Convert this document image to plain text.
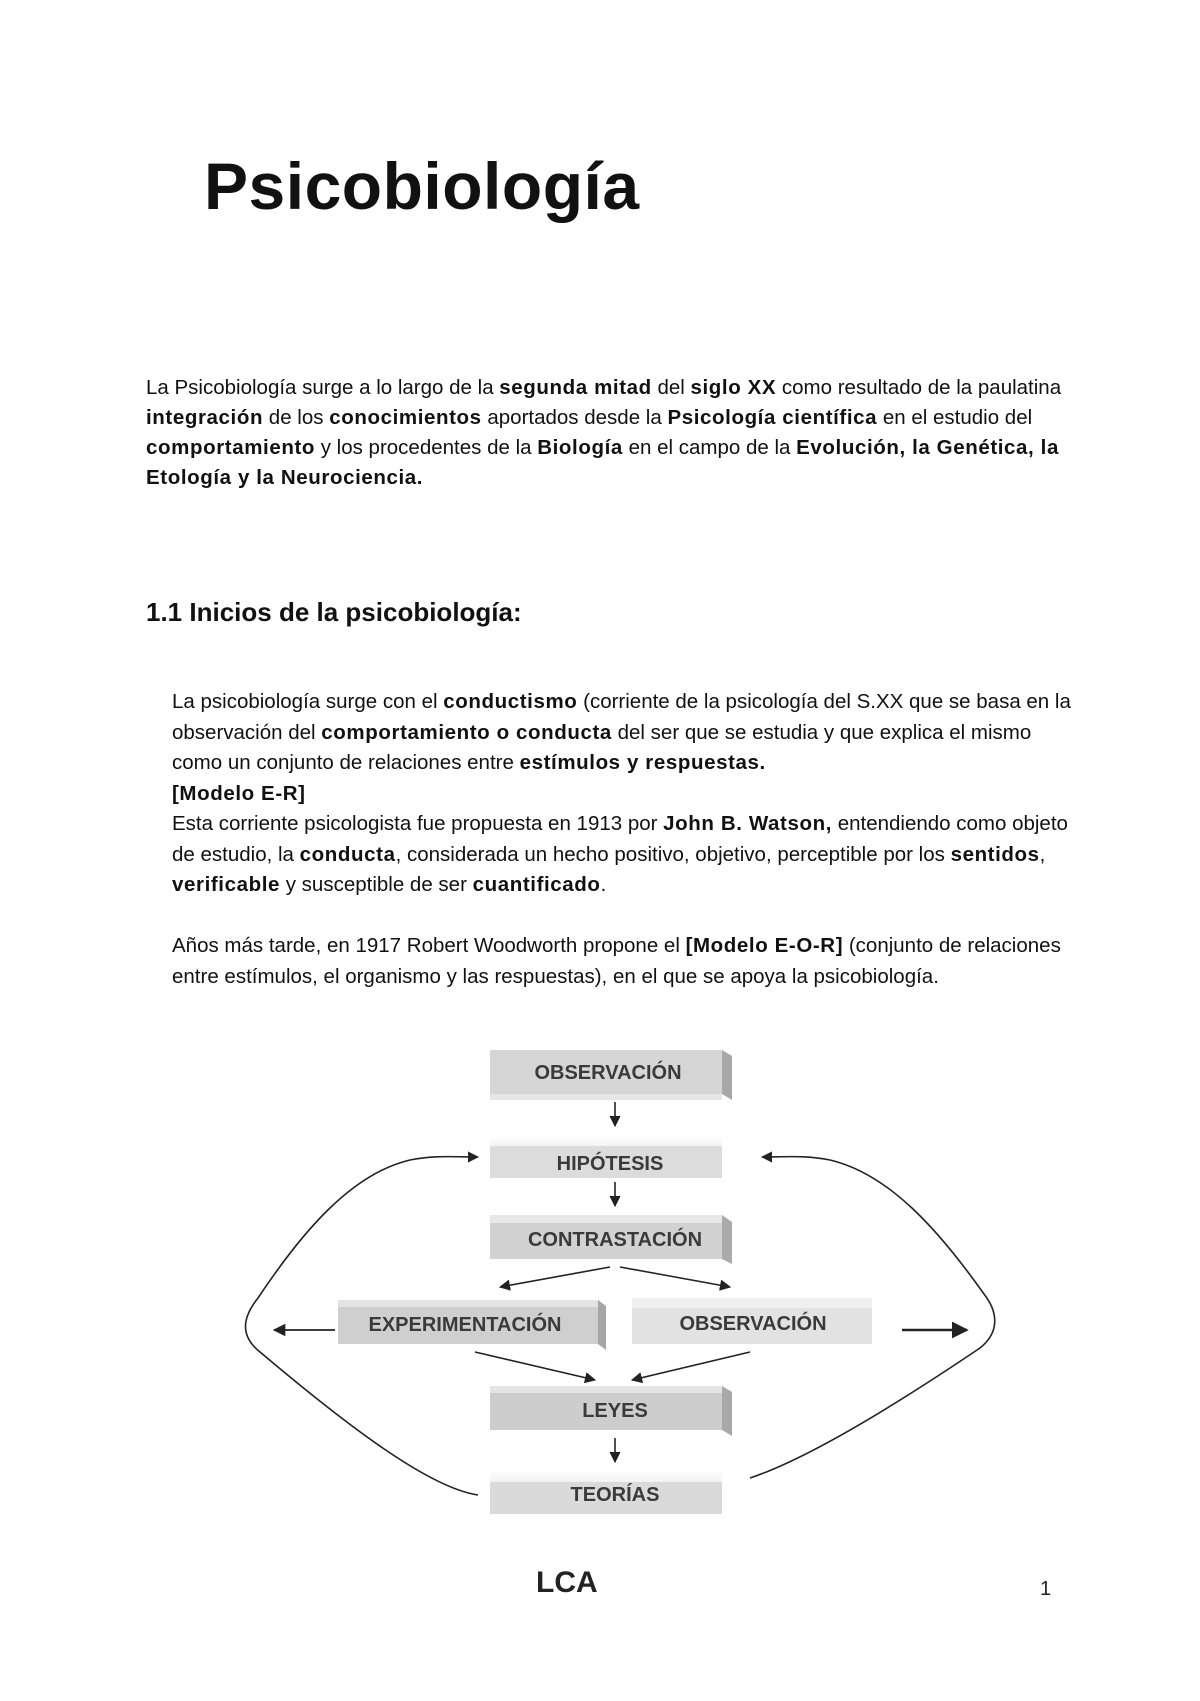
Psicobiología

La Psicobiología surge a lo largo de la segunda mitad del siglo XX como resultado de la paulatina integración de los conocimientos aportados desde la Psicología científica en el estudio del comportamiento y los procedentes de la Biología en el campo de la Evolución, la Genética, la Etología y la Neurociencia.

1.1 Inicios de la psicobiología:

La psicobiología surge con el conductismo (corriente de la psicología del S.XX que se basa en la observación del comportamiento o conducta del ser que se estudia y que explica el mismo como un conjunto de relaciones entre estímulos y respuestas.

[Modelo E-R]

Esta corriente psicologista fue propuesta en 1913 por John B. Watson, entendiendo como objeto de estudio, la conducta, considerada un hecho positivo, objetivo, perceptible por los sentidos, verificable y susceptible de ser cuantificado.

Años más tarde, en 1917 Robert Woodworth propone el [Modelo E-O-R] (conjunto de relaciones entre estímulos, el organismo y las respuestas), en el que se apoya la psicobiología.

OBSERVACIÓN
HIPÓTESIS
CONTRASTACIÓN
EXPERIMENTACIÓN	OBSERVACIÓN
LEYES
TEORÍAS

LCA	1
